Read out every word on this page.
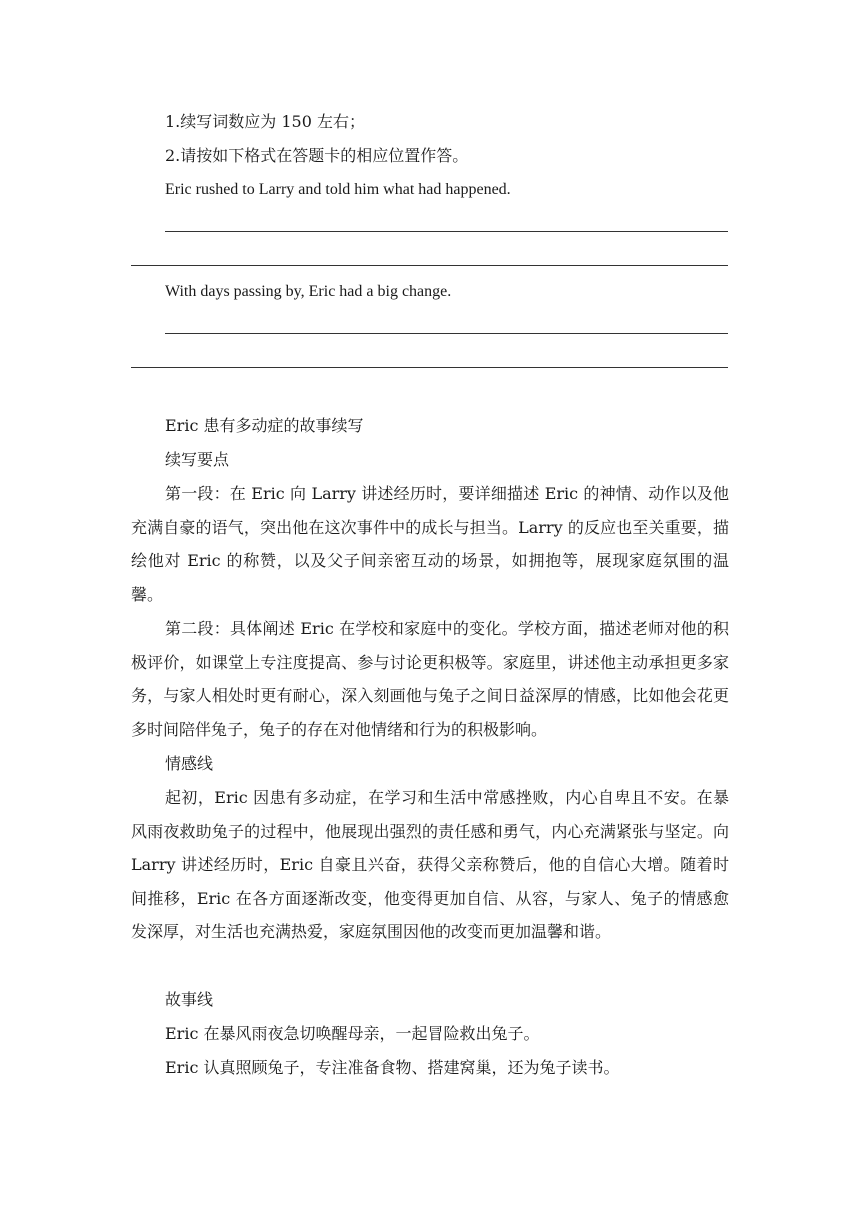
1.续写词数应为 150 左右；
2.请按如下格式在答题卡的相应位置作答。
Eric rushed to Larry and told him what had happened.
With days passing by, Eric had a big change.
Eric 患有多动症的故事续写
续写要点
第一段：在 Eric 向 Larry 讲述经历时，要详细描述 Eric 的神情、动作以及他充满自豪的语气，突出他在这次事件中的成长与担当。Larry 的反应也至关重要，描绘他对 Eric 的称赞，以及父子间亲密互动的场景，如拥抱等，展现家庭氛围的温馨。
第二段：具体阐述 Eric 在学校和家庭中的变化。学校方面，描述老师对他的积极评价，如课堂上专注度提高、参与讨论更积极等。家庭里，讲述他主动承担更多家务，与家人相处时更有耐心，深入刻画他与兔子之间日益深厚的情感，比如他会花更多时间陪伴兔子，兔子的存在对他情绪和行为的积极影响。
情感线
起初，Eric 因患有多动症，在学习和生活中常感挫败，内心自卑且不安。在暴风雨夜救助兔子的过程中，他展现出强烈的责任感和勇气，内心充满紧张与坚定。向 Larry 讲述经历时，Eric 自豪且兴奋，获得父亲称赞后，他的自信心大增。随着时间推移，Eric 在各方面逐渐改变，他变得更加自信、从容，与家人、兔子的情感愈发深厚，对生活也充满热爱，家庭氛围因他的改变而更加温馨和谐。
故事线
Eric 在暴风雨夜急切唤醒母亲，一起冒险救出兔子。
Eric 认真照顾兔子，专注准备食物、搭建窝巢，还为兔子读书。
